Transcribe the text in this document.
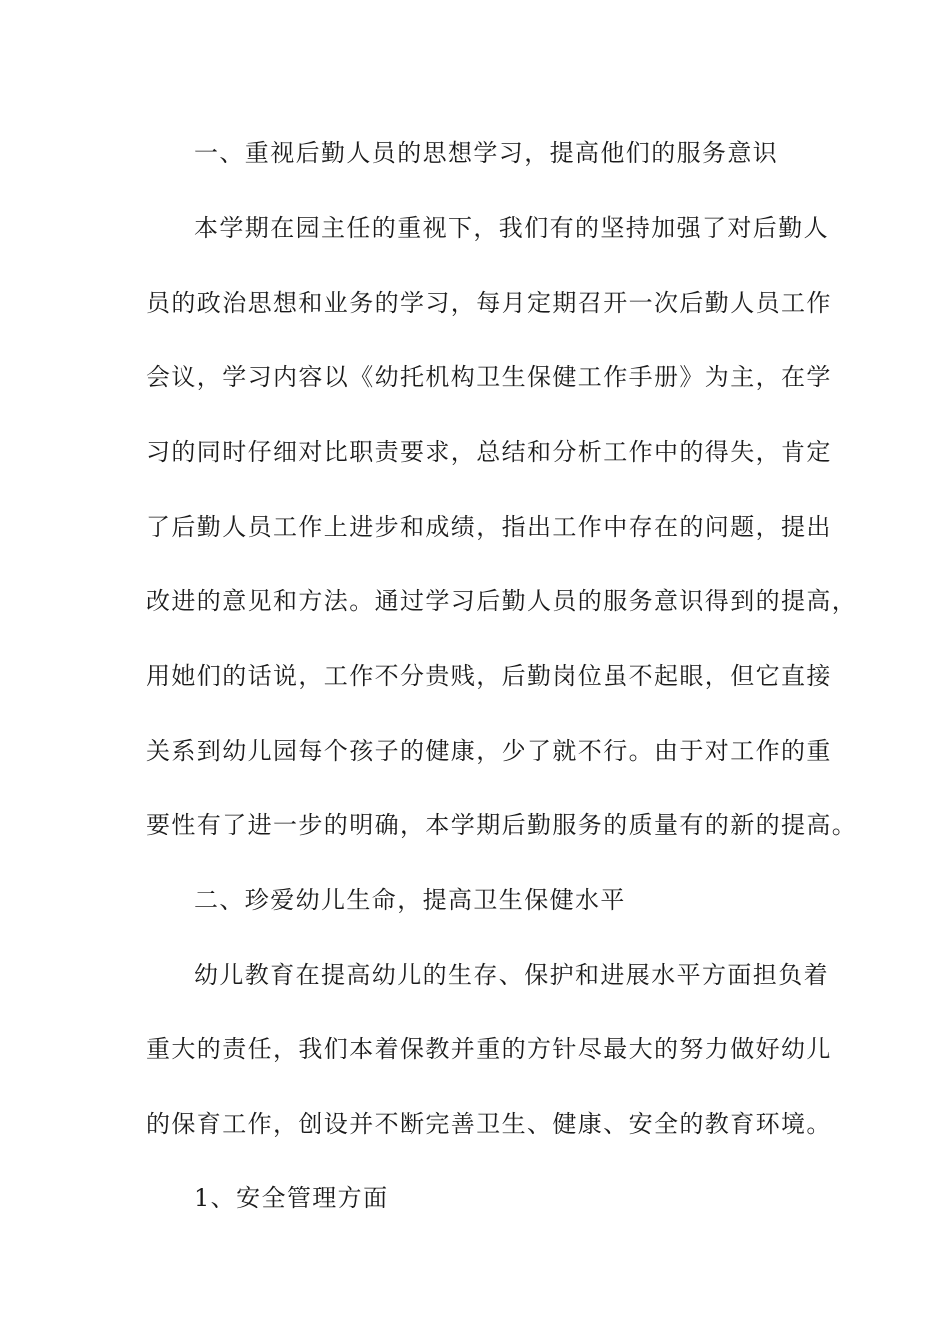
一、重视后勤人员的思想学习，提高他们的服务意识
本学期在园主任的重视下，我们有的坚持加强了对后勤人
员的政治思想和业务的学习，每月定期召开一次后勤人员工作
会议，学习内容以《幼托机构卫生保健工作手册》为主，在学
习的同时仔细对比职责要求，总结和分析工作中的得失，肯定
了后勤人员工作上进步和成绩，指出工作中存在的问题，提出
改进的意见和方法。通过学习后勤人员的服务意识得到的提高，
用她们的话说，工作不分贵贱，后勤岗位虽不起眼，但它直接
关系到幼儿园每个孩子的健康，少了就不行。由于对工作的重
要性有了进一步的明确，本学期后勤服务的质量有的新的提高。
二、珍爱幼儿生命，提高卫生保健水平
幼儿教育在提高幼儿的生存、保护和进展水平方面担负着
重大的责任，我们本着保教并重的方针尽最大的努力做好幼儿
的保育工作，创设并不断完善卫生、健康、安全的教育环境。
1、安全管理方面
